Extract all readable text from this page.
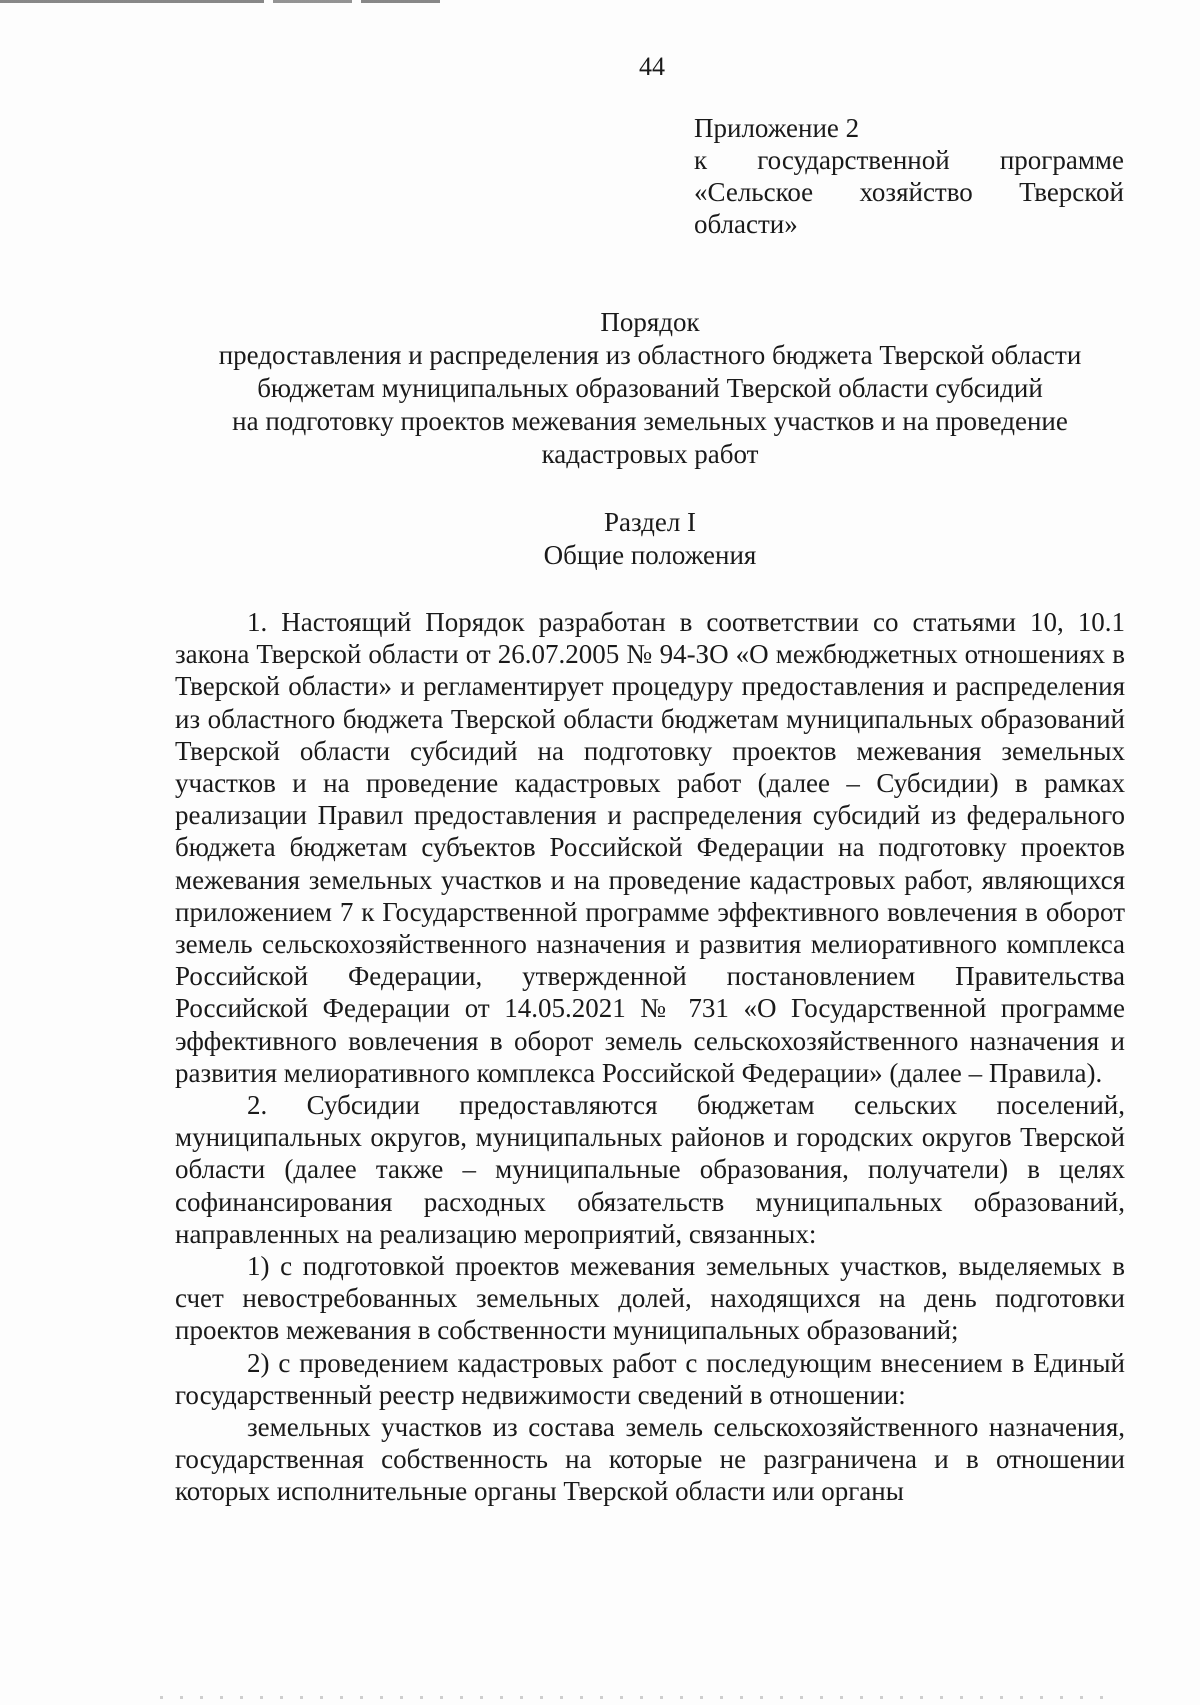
44
Приложение 2
к государственной программе
«Сельское хозяйство Тверской
области»
Порядок
предоставления и распределения из областного бюджета Тверской области
бюджетам муниципальных образований Тверской области субсидий
на подготовку проектов межевания земельных участков и на проведение
кадастровых работ
Раздел I
Общие положения

1. Настоящий Порядок разработан в соответствии со статьями 10, 10.1 закона Тверской области от 26.07.2005 № 94-ЗО «О межбюджетных отношениях в Тверской области» и регламентирует процедуру предоставления и распределения из областного бюджета Тверской области бюджетам муниципальных образований Тверской области субсидий на подготовку проектов межевания земельных участков и на проведение кадастровых работ (далее – Субсидии) в рамках реализации Правил предоставления и распределения субсидий из федерального бюджета бюджетам субъектов Российской Федерации на подготовку проектов межевания земельных участков и на проведение кадастровых работ, являющихся приложением 7 к Государственной программе эффективного вовлечения в оборот земель сельскохозяйственного назначения и развития мелиоративного комплекса Российской Федерации, утвержденной постановлением Правительства Российской Федерации от 14.05.2021 № 731 «О Государственной программе эффективного вовлечения в оборот земель сельскохозяйственного назначения и развития мелиоративного комплекса Российской Федерации» (далее – Правила).

2. Субсидии предоставляются бюджетам сельских поселений, муниципальных округов, муниципальных районов и городских округов Тверской области (далее также – муниципальные образования, получатели) в целях софинансирования расходных обязательств муниципальных образований, направленных на реализацию мероприятий, связанных:

1) с подготовкой проектов межевания земельных участков, выделяемых в счет невостребованных земельных долей, находящихся на день подготовки проектов межевания в собственности муниципальных образований;

2) с проведением кадастровых работ с последующим внесением в Единый государственный реестр недвижимости сведений в отношении:

земельных участков из состава земель сельскохозяйственного назначения, государственная собственность на которые не разграничена и в отношении которых исполнительные органы Тверской области или органы
